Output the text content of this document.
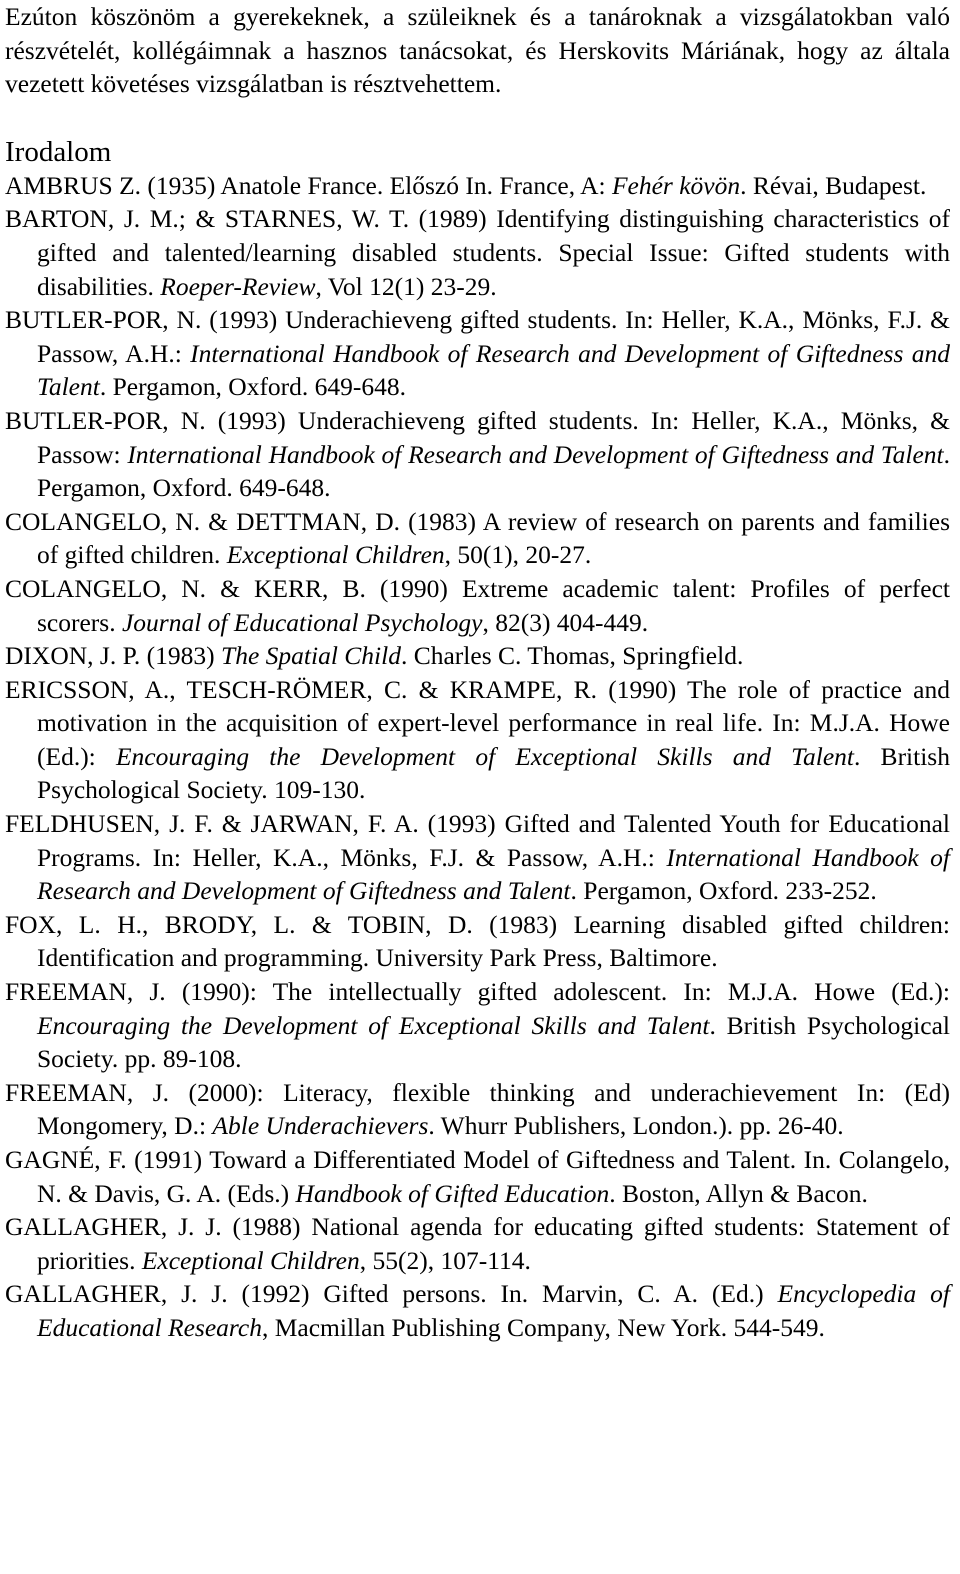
Ezúton köszönöm a gyerekeknek, a szüleiknek és a tanároknak a vizsgálatokban való részvételét, kollégáimnak a hasznos tanácsokat, és Herskovits Máriának, hogy az általa vezetett követéses vizsgálatban is résztvehettem.

Irodalom
AMBRUS Z. (1935) Anatole France. Előszó In. France, A: Fehér kövön. Révai, Budapest.
BARTON, J. M.; & STARNES, W. T. (1989) Identifying distinguishing characteristics of gifted and talented/learning disabled students. Special Issue: Gifted students with disabilities. Roeper-Review, Vol 12(1) 23-29.
BUTLER-POR, N. (1993) Underachieveng gifted students. In: Heller, K.A., Mönks, F.J. & Passow, A.H.: International Handbook of Research and Development of Giftedness and Talent. Pergamon, Oxford. 649-648.
BUTLER-POR, N. (1993) Underachieveng gifted students. In: Heller, K.A., Mönks, & Passow: International Handbook of Research and Development of Giftedness and Talent. Pergamon, Oxford. 649-648.
COLANGELO, N. & DETTMAN, D. (1983) A review of research on parents and families of gifted children. Exceptional Children, 50(1), 20-27.
COLANGELO, N. & KERR, B. (1990) Extreme academic talent: Profiles of perfect scorers. Journal of Educational Psychology, 82(3) 404-449.
DIXON, J. P. (1983) The Spatial Child. Charles C. Thomas, Springfield.
ERICSSON, A., TESCH-RÖMER, C. & KRAMPE, R. (1990) The role of practice and motivation in the acquisition of expert-level performance in real life. In: M.J.A. Howe (Ed.): Encouraging the Development of Exceptional Skills and Talent. British Psychological Society. 109-130.
FELDHUSEN, J. F. & JARWAN, F. A. (1993) Gifted and Talented Youth for Educational Programs. In: Heller, K.A., Mönks, F.J. & Passow, A.H.: International Handbook of Research and Development of Giftedness and Talent. Pergamon, Oxford. 233-252.
FOX, L. H., BRODY, L. & TOBIN, D. (1983) Learning disabled gifted children: Identification and programming. University Park Press, Baltimore.
FREEMAN, J. (1990): The intellectually gifted adolescent. In: M.J.A. Howe (Ed.): Encouraging the Development of Exceptional Skills and Talent. British Psychological Society. pp. 89-108.
FREEMAN, J. (2000): Literacy, flexible thinking and underachievement In: (Ed) Mongomery, D.: Able Underachievers. Whurr Publishers, London.). pp. 26-40.
GAGNÉ, F. (1991) Toward a Differentiated Model of Giftedness and Talent. In. Colangelo, N. & Davis, G. A. (Eds.) Handbook of Gifted Education. Boston, Allyn & Bacon.
GALLAGHER, J. J. (1988) National agenda for educating gifted students: Statement of priorities. Exceptional Children, 55(2), 107-114.
GALLAGHER, J. J. (1992) Gifted persons. In. Marvin, C. A. (Ed.) Encyclopedia of Educational Research, Macmillan Publishing Company, New York. 544-549.
